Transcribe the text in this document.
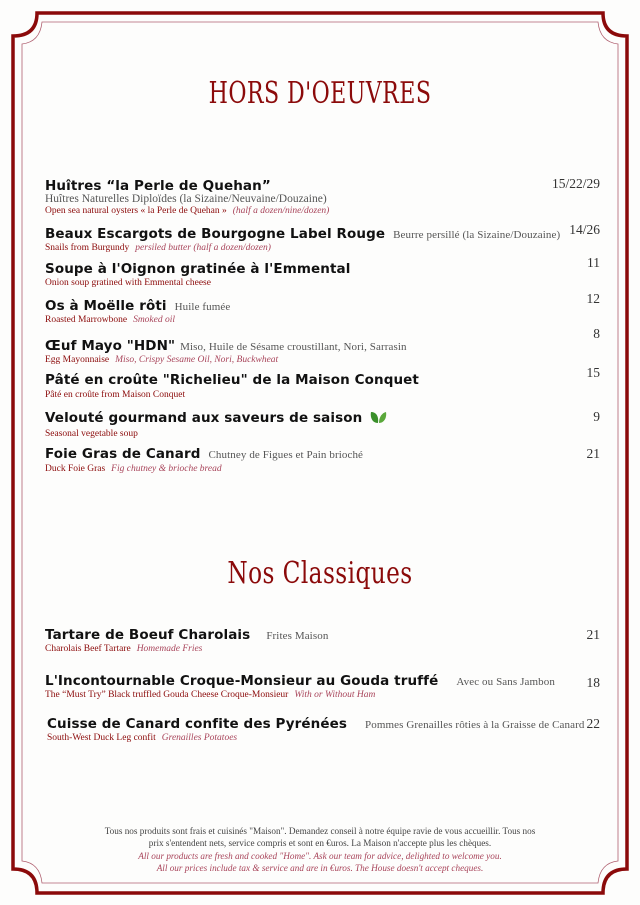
HORS D'OEUVRES
Huîtres “la Perle de Quehan”
Huîtres Naturelles Diploïdes (la Sizaine/Neuvaine/Douzaine)
Open sea natural oysters « la Perle de Quehan » (half a dozen/nine/dozen)
15/22/29
Beaux Escargots de Bourgogne Label Rouge Beurre persillé (la Sizaine/Douzaine)
Snails from Burgundy persiled butter (half a dozen/dozen)
14/26
Soupe à l'Oignon gratinée à l'Emmental
Onion soup gratined with Emmental cheese
11
Os à Moëlle rôti Huile fumée
Roasted Marrowbone Smoked oil
12
Œuf Mayo "HDN" Miso, Huile de Sésame croustillant, Nori, Sarrasin
Egg Mayonnaise Miso, Crispy Sesame Oil, Nori, Buckwheat
8
Pâté en croûte "Richelieu" de la Maison Conquet
Pâté en croûte from Maison Conquet
15
Velouté gourmand aux saveurs de saison
Seasonal vegetable soup
9
Foie Gras de Canard Chutney de Figues et Pain brioché
Duck Foie Gras Fig chutney & brioche bread
21
Nos Classiques
Tartare de Boeuf Charolais Frites Maison
Charolais Beef Tartare Homemade Fries
21
L'Incontournable Croque-Monsieur au Gouda truffé Avec ou Sans Jambon
The “Must Try” Black truffled Gouda Cheese Croque-Monsieur With or Without Ham
18
Cuisse de Canard confite des Pyrénées Pommes Grenailles rôties à la Graisse de Canard
South-West Duck Leg confit Grenailles Potatoes
22
Tous nos produits sont frais et cuisinés "Maison". Demandez conseil à notre équipe ravie de vous accueillir. Tous nos
prix s'entendent nets, service compris et sont en €uros. La Maison n'accepte plus les chèques.
All our products are fresh and cooked "Home". Ask our team for advice, delighted to welcome you.
All our prices include tax & service and are in €uros. The House doesn't accept cheques.
